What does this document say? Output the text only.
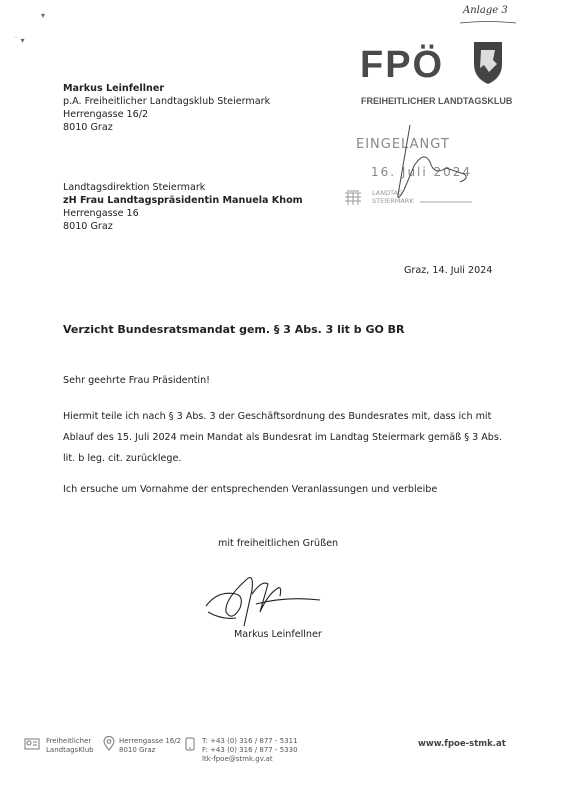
˙ ▾
▾	Anlage 3
FPÖ
FREIHEITLICHER LANDTAGSKLUB
EINGELANGT
16. Juli 2024
LANDTAG
STEIERMARK
Markus Leinfellner
p.A. Freiheitlicher Landtagsklub Steiermark
Herrengasse 16/2
8010 Graz
Landtagsdirektion Steiermark
zH Frau Landtagspräsidentin Manuela Khom
Herrengasse 16
8010 Graz
Graz, 14. Juli 2024
Verzicht Bundesratsmandat gem. § 3 Abs. 3 lit b GO BR
Sehr geehrte Frau Präsidentin!
Hiermit teile ich nach § 3 Abs. 3 der Geschäftsordnung des Bundesrates mit, dass ich mit Ablauf des 15. Juli 2024 mein Mandat als Bundesrat im Landtag Steiermark gemäß § 3 Abs. lit. b leg. cit. zurücklege.
Ich ersuche um Vornahme der entsprechenden Veranlassungen und verbleibe
mit freiheitlichen Grüßen
Markus Leinfellner
Freiheitlicher
LandtagsKlub
Herrengasse 16/2
8010 Graz
T: +43 (0) 316 / 877 - 5311
F: +43 (0) 316 / 877 - 5330
ltk-fpoe@stmk.gv.at
www.fpoe-stmk.at
